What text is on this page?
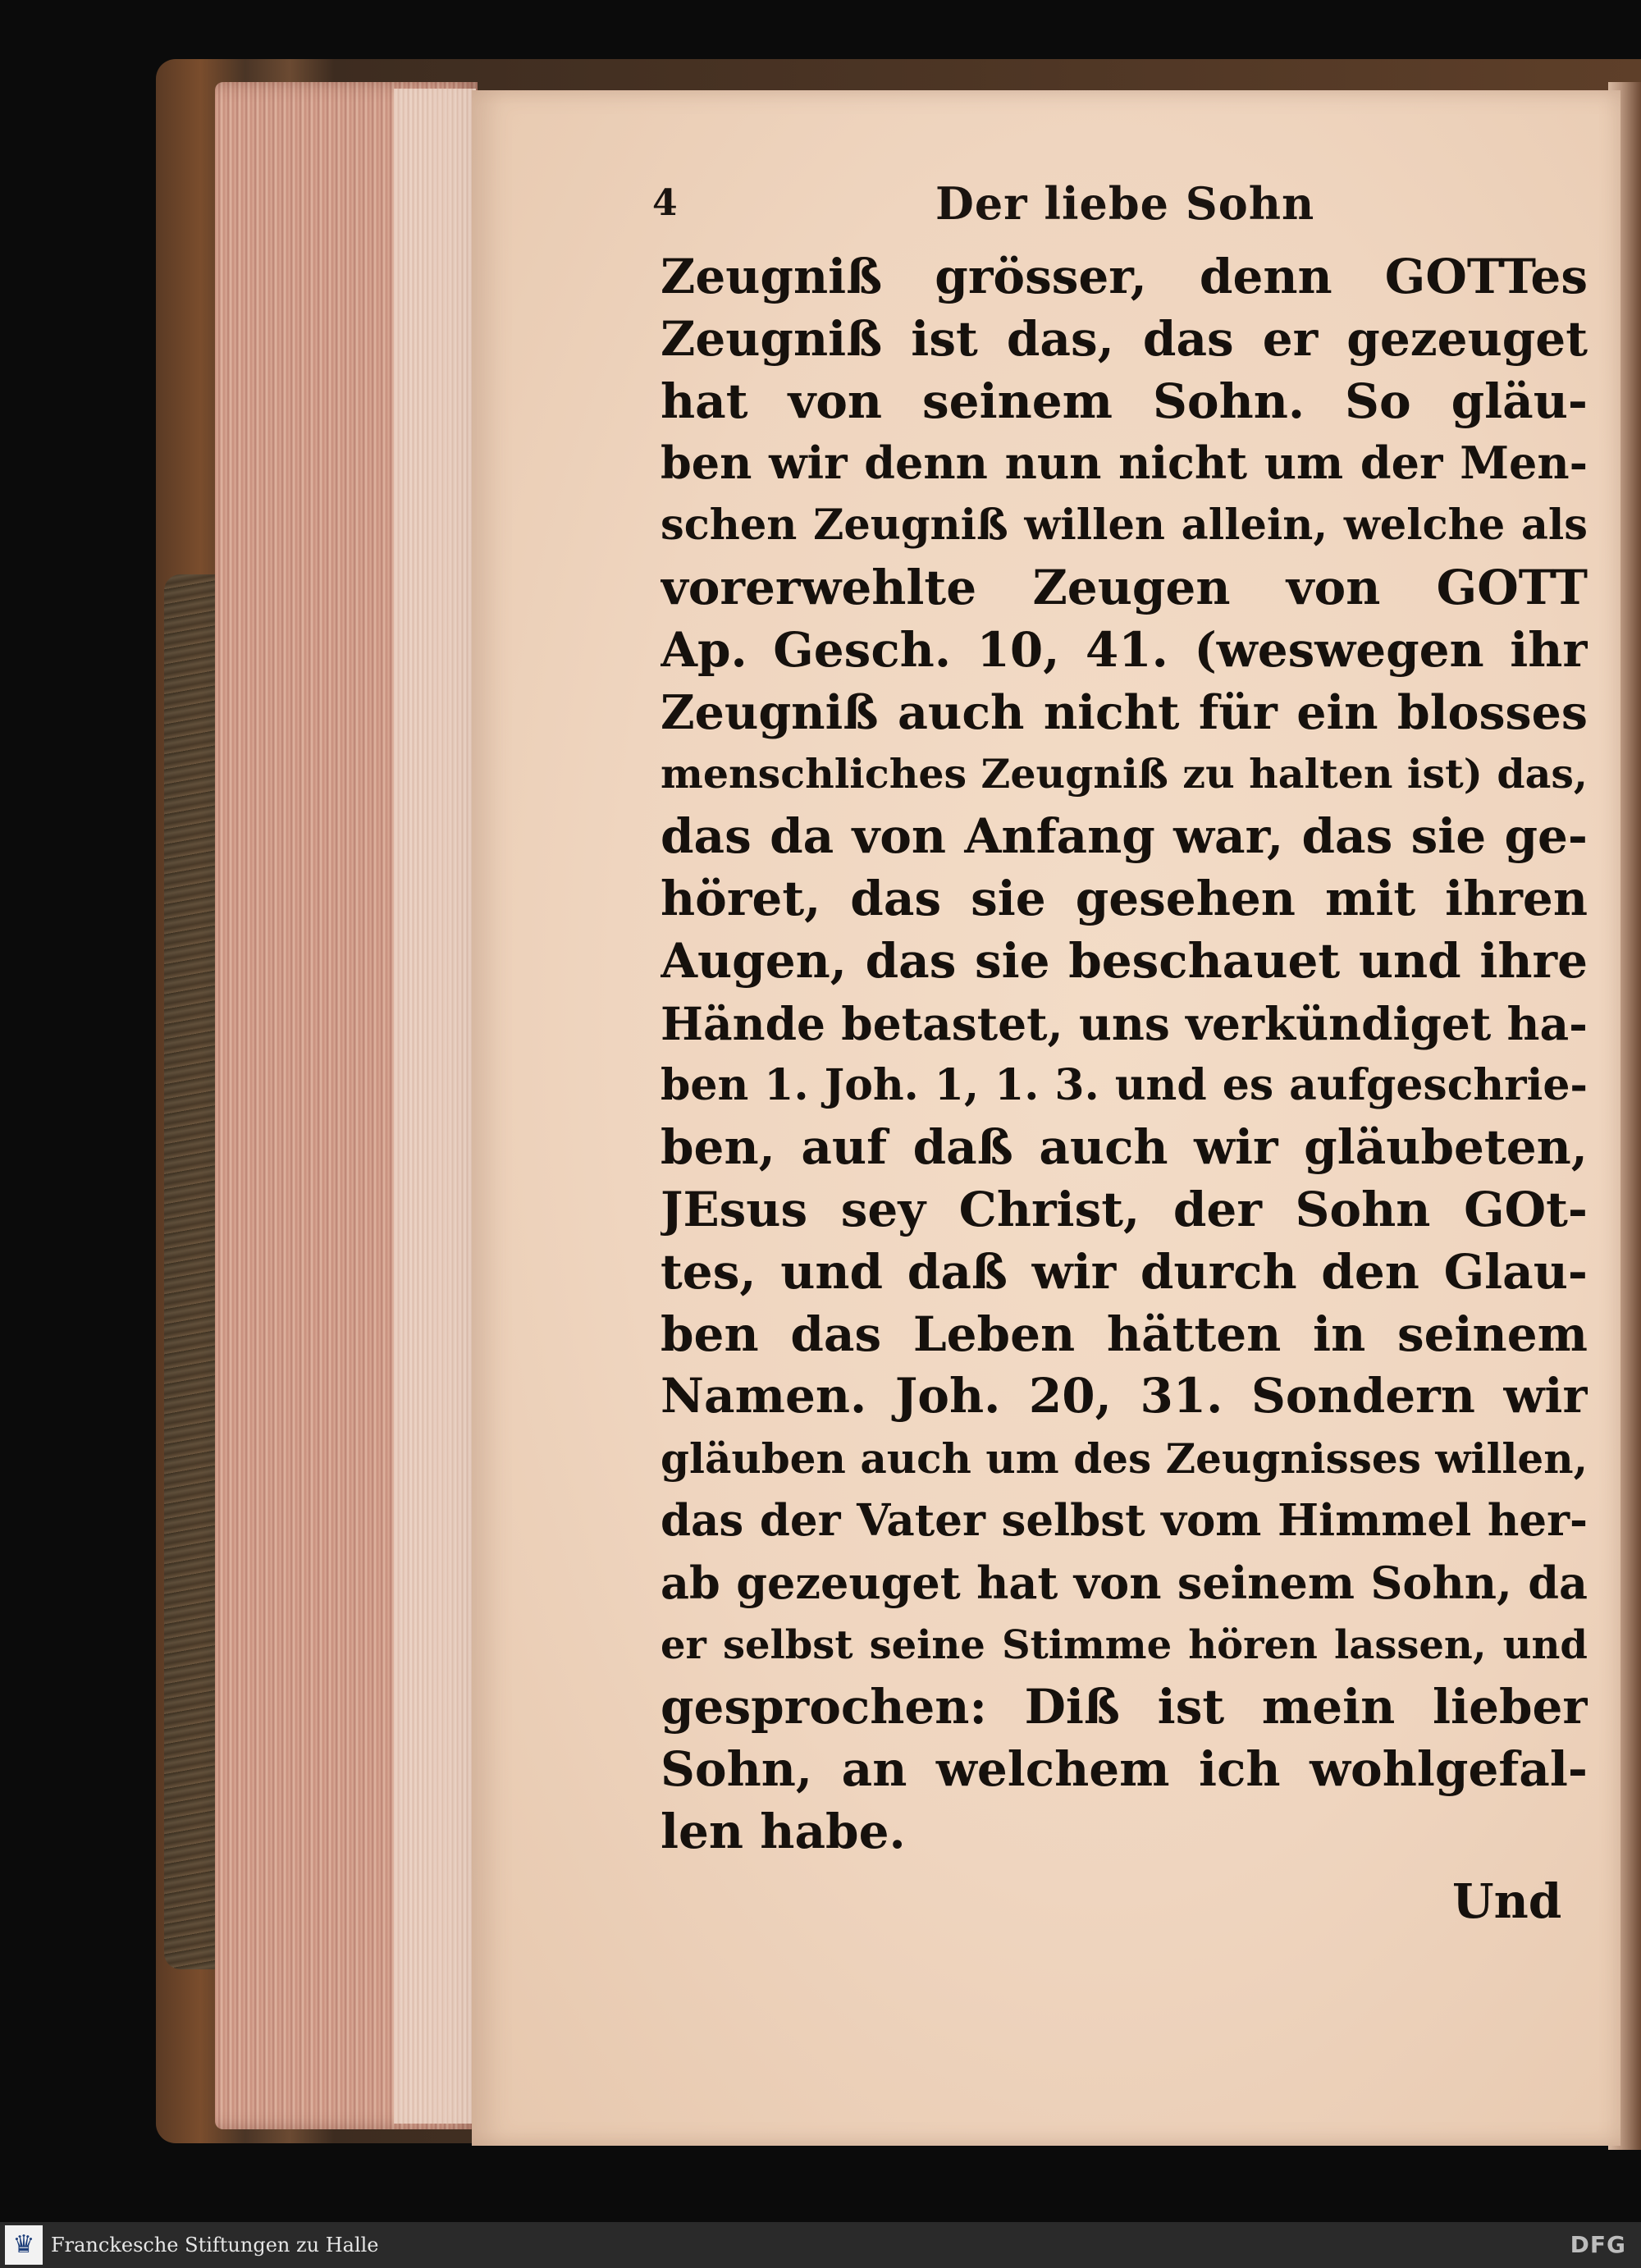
4	Der liebe Sohn
Zeugniß grösser, denn GOTTes
Zeugniß ist das, das er gezeuget
hat von seinem Sohn. So gläu-
ben wir denn nun nicht um der Men-
schen Zeugniß willen allein, welche als
vorerwehlte Zeugen von GOTT
Ap. Gesch. 10, 41. (weswegen ihr
Zeugniß auch nicht für ein blosses
menschliches Zeugniß zu halten ist) das,
das da von Anfang war, das sie ge-
höret, das sie gesehen mit ihren
Augen, das sie beschauet und ihre
Hände betastet, uns verkündiget ha-
ben 1. Joh. 1, 1. 3. und es aufgeschrie-
ben, auf daß auch wir gläubeten,
JEsus sey Christ, der Sohn GOt-
tes, und daß wir durch den Glau-
ben das Leben hätten in seinem
Namen. Joh. 20, 31. Sondern wir
gläuben auch um des Zeugnisses willen,
das der Vater selbst vom Himmel her-
ab gezeuget hat von seinem Sohn, da
er selbst seine Stimme hören lassen, und
gesprochen: Diß ist mein lieber
Sohn, an welchem ich wohlgefal-
len habe.
Und
♛ Franckesche Stiftungen zu Halle	DFG
